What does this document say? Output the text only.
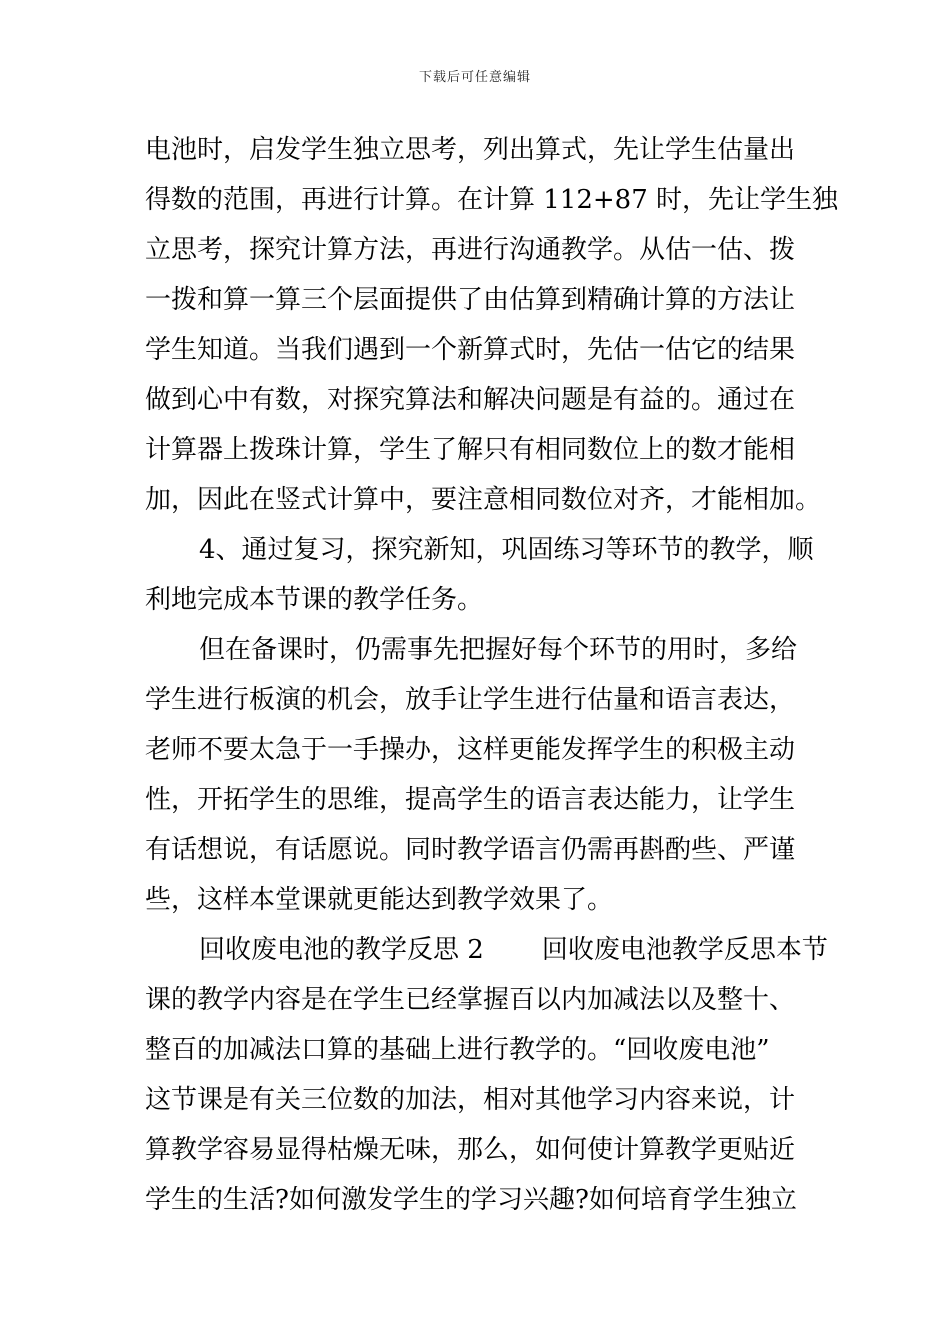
下载后可任意编辑
电池时，启发学生独立思考，列出算式，先让学生估量出
得数的范围，再进行计算。在计算 112+87 时，先让学生独
立思考，探究计算方法，再进行沟通教学。从估一估、拨
一拨和算一算三个层面提供了由估算到精确计算的方法让
学生知道。当我们遇到一个新算式时，先估一估它的结果
做到心中有数，对探究算法和解决问题是有益的。通过在
计算器上拨珠计算，学生了解只有相同数位上的数才能相
加，因此在竖式计算中，要注意相同数位对齐，才能相加。
4、通过复习，探究新知，巩固练习等环节的教学，顺
利地完成本节课的教学任务。
但在备课时，仍需事先把握好每个环节的用时，多给
学生进行板演的机会，放手让学生进行估量和语言表达，
老师不要太急于一手操办，这样更能发挥学生的积极主动
性，开拓学生的思维，提高学生的语言表达能力，让学生
有话想说，有话愿说。同时教学语言仍需再斟酌些、严谨
些，这样本堂课就更能达到教学效果了。
回收废电池的教学反思 2 回收废电池教学反思本节
课的教学内容是在学生已经掌握百以内加减法以及整十、
整百的加减法口算的基础上进行教学的。“回收废电池”
这节课是有关三位数的加法，相对其他学习内容来说，计
算教学容易显得枯燥无味，那么，如何使计算教学更贴近
学生的生活?如何激发学生的学习兴趣?如何培育学生独立
